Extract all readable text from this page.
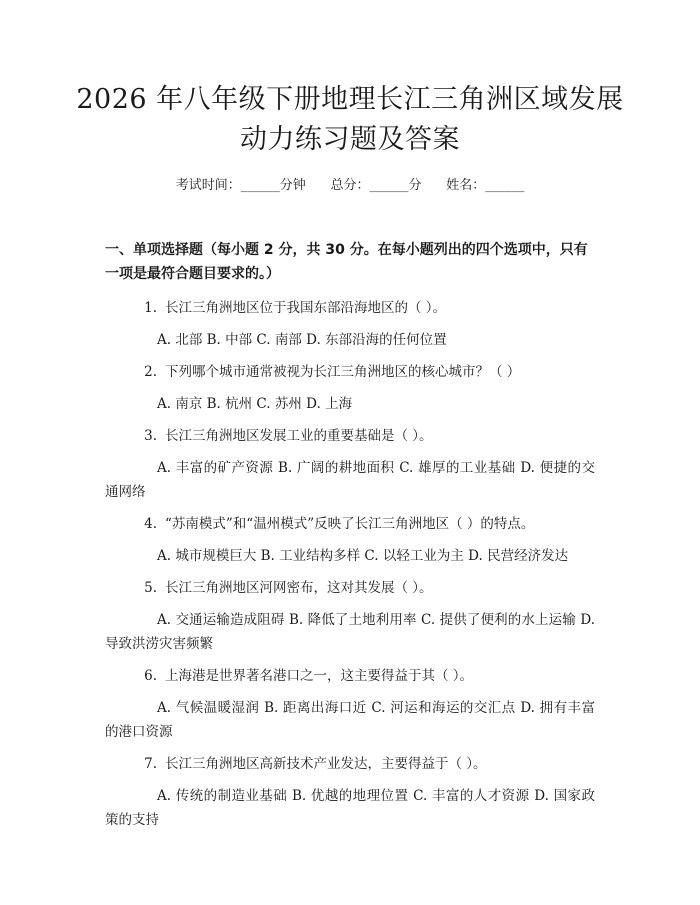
2026 年八年级下册地理长江三角洲区域发展
动力练习题及答案
考试时间：______分钟      总分：______分      姓名：______
一、单项选择题（每小题 2 分，共 30 分。在每小题列出的四个选项中，只有一项是最符合题目要求的。）
1. 长江三角洲地区位于我国东部沿海地区的（ ）。
A. 北部 B. 中部 C. 南部 D. 东部沿海的任何位置
2. 下列哪个城市通常被视为长江三角洲地区的核心城市？（ ）
A. 南京 B. 杭州 C. 苏州 D. 上海
3. 长江三角洲地区发展工业的重要基础是（ ）。
A. 丰富的矿产资源 B. 广阔的耕地面积 C. 雄厚的工业基础 D. 便捷的交通网络
4. “苏南模式”和“温州模式”反映了长江三角洲地区（ ）的特点。
A. 城市规模巨大 B. 工业结构多样 C. 以轻工业为主 D. 民营经济发达
5. 长江三角洲地区河网密布，这对其发展（ ）。
A. 交通运输造成阻碍 B. 降低了土地利用率 C. 提供了便利的水上运输 D. 导致洪涝灾害频繁
6. 上海港是世界著名港口之一，这主要得益于其（ ）。
A. 气候温暖湿润 B. 距离出海口近 C. 河运和海运的交汇点 D. 拥有丰富的港口资源
7. 长江三角洲地区高新技术产业发达，主要得益于（ ）。
A. 传统的制造业基础 B. 优越的地理位置 C. 丰富的人才资源 D. 国家政策的支持
